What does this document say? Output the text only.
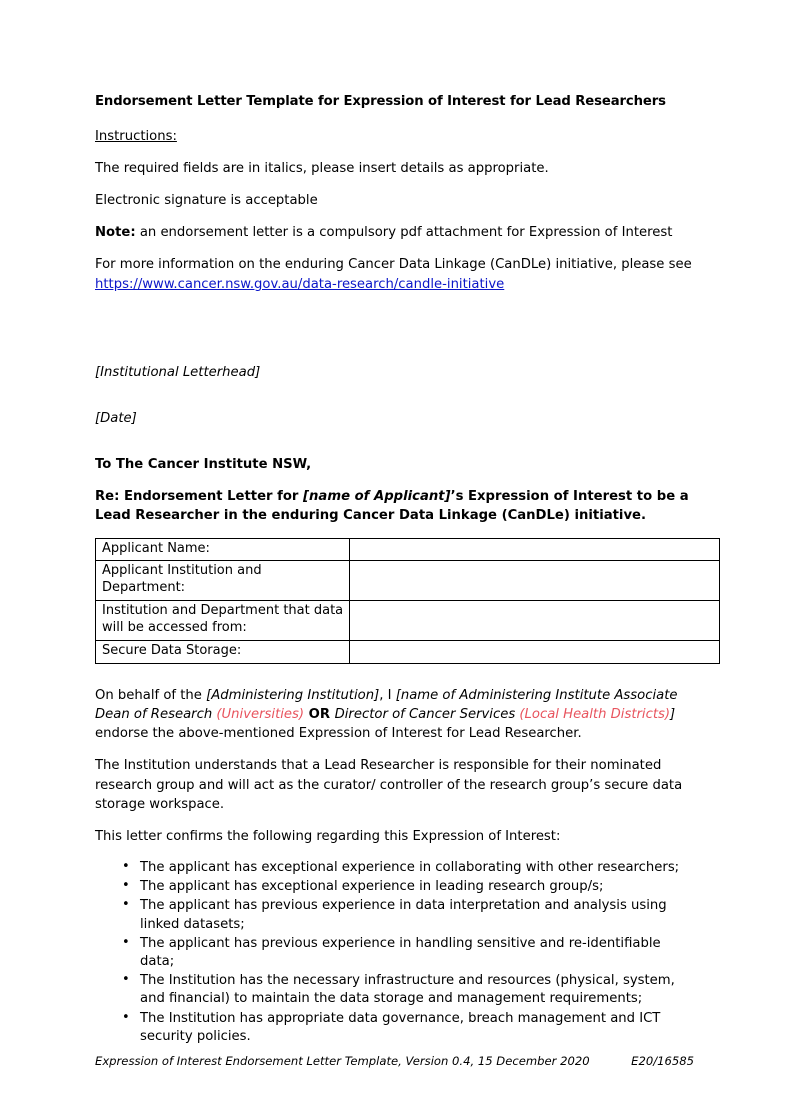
Endorsement Letter Template for Expression of Interest for Lead Researchers

Instructions:

The required fields are in italics, please insert details as appropriate.

Electronic signature is acceptable

Note: an endorsement letter is a compulsory pdf attachment for Expression of Interest

For more information on the enduring Cancer Data Linkage (CanDLe) initiative, please see https://www.cancer.nsw.gov.au/data-research/candle-initiative

[Institutional Letterhead]

[Date]

To The Cancer Institute NSW,

Re: Endorsement Letter for [name of Applicant]’s Expression of Interest to be a Lead Researcher in the enduring Cancer Data Linkage (CanDLe) initiative.

Applicant Name:	
Applicant Institution and Department:	
Institution and Department that data will be accessed from:	
Secure Data Storage:	

On behalf of the [Administering Institution], I [name of Administering Institute Associate Dean of Research (Universities) OR Director of Cancer Services (Local Health Districts)] endorse the above-mentioned Expression of Interest for Lead Researcher.

The Institution understands that a Lead Researcher is responsible for their nominated research group and will act as the curator/ controller of the research group’s secure data storage workspace.

This letter confirms the following regarding this Expression of Interest:

• The applicant has exceptional experience in collaborating with other researchers;
• The applicant has exceptional experience in leading research group/s;
• The applicant has previous experience in data interpretation and analysis using linked datasets;
• The applicant has previous experience in handling sensitive and re-identifiable data;
• The Institution has the necessary infrastructure and resources (physical, system, and financial) to maintain the data storage and management requirements;
• The Institution has appropriate data governance, breach management and ICT security policies.
Expression of Interest Endorsement Letter Template, Version 0.4, 15 December 2020	E20/16585
